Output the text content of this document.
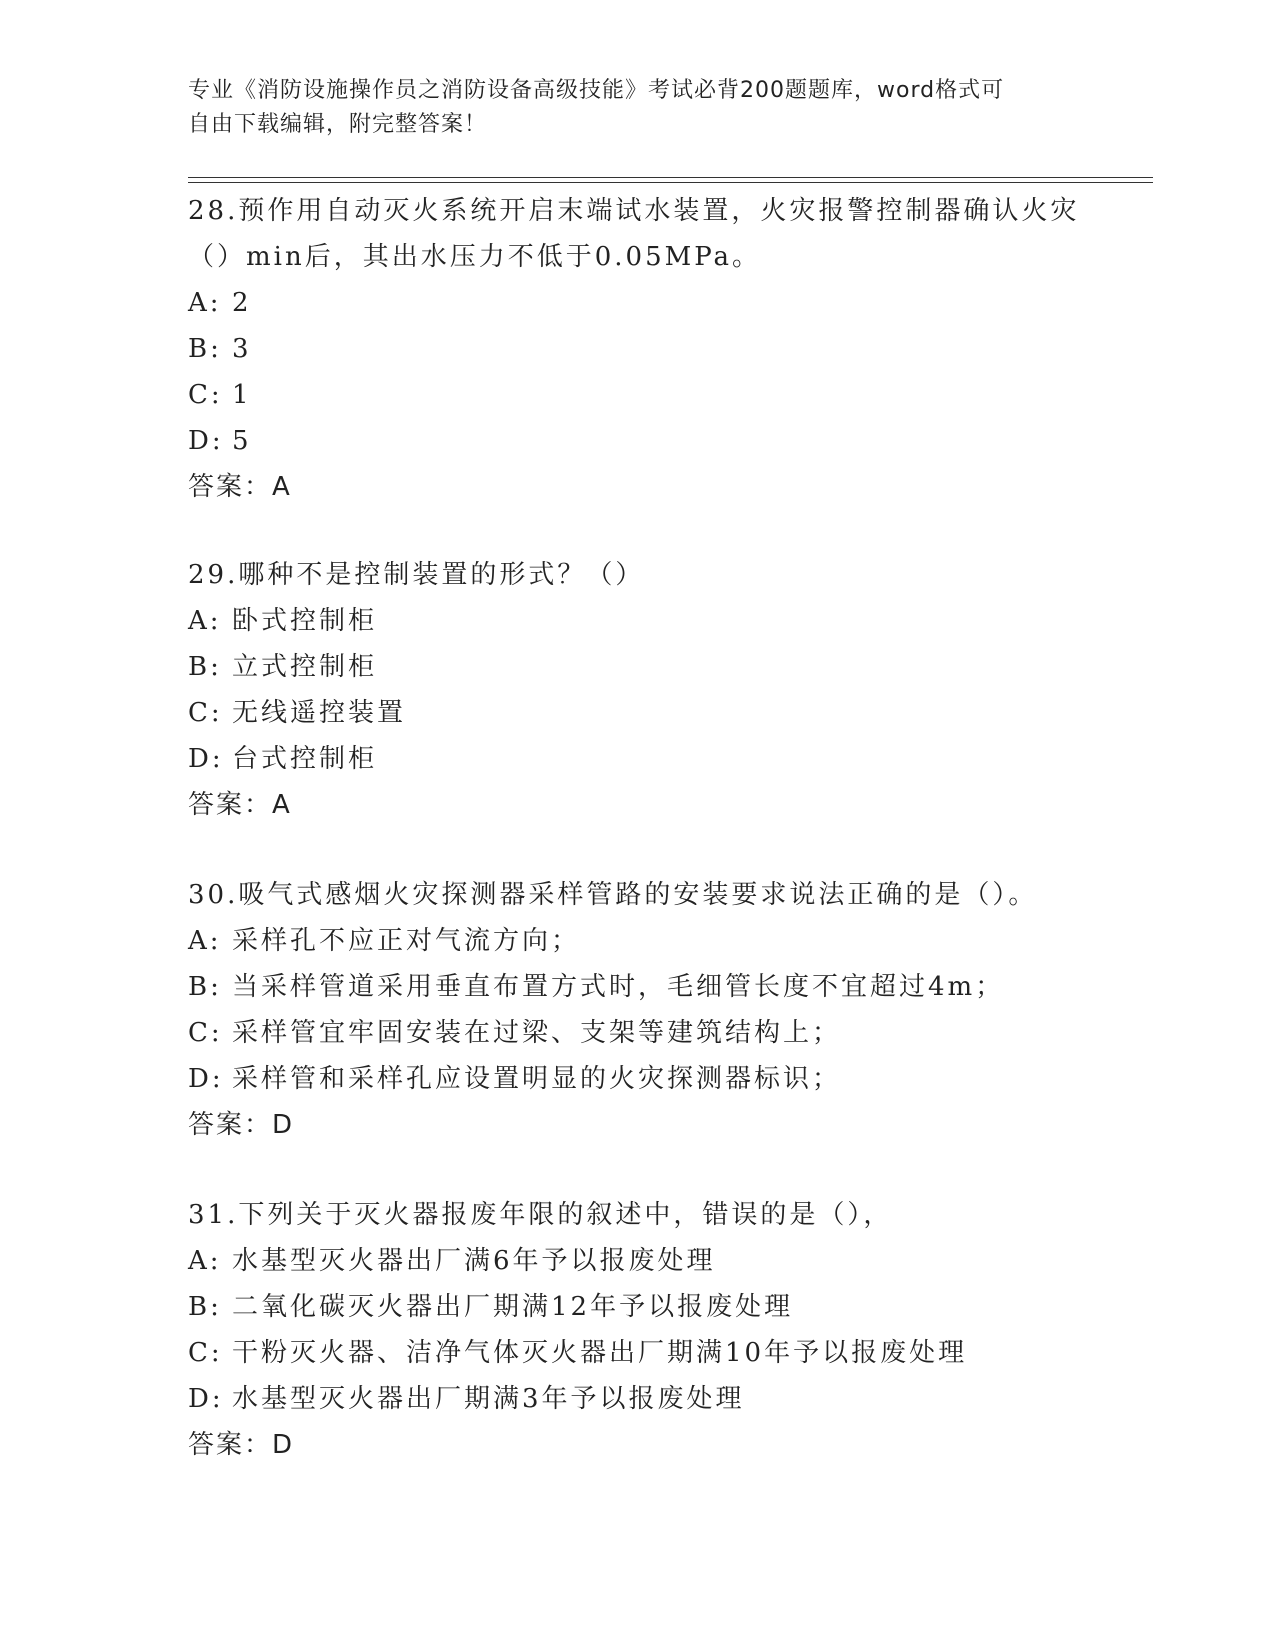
专业《消防设施操作员之消防设备高级技能》考试必背200题题库，word格式可
自由下载编辑，附完整答案！

28.预作用自动灭火系统开启末端试水装置，火灾报警控制器确认火灾

（）min后，其出水压力不低于0.05MPa。

A: 2

B: 3

C: 1

D: 5

答案：A

29.哪种不是控制装置的形式？（）

A: 卧式控制柜

B: 立式控制柜

C: 无线遥控装置

D: 台式控制柜

答案：A

30.吸气式感烟火灾探测器采样管路的安装要求说法正确的是（）。

A: 采样孔不应正对气流方向；

B: 当采样管道采用垂直布置方式时，毛细管长度不宜超过4m；

C: 采样管宜牢固安装在过梁、支架等建筑结构上；

D: 采样管和采样孔应设置明显的火灾探测器标识；

答案：D

31.下列关于灭火器报废年限的叙述中，错误的是（），

A: 水基型灭火器出厂满6年予以报废处理

B: 二氧化碳灭火器出厂期满12年予以报废处理

C: 干粉灭火器、洁净气体灭火器出厂期满10年予以报废处理

D: 水基型灭火器出厂期满3年予以报废处理

答案：D
